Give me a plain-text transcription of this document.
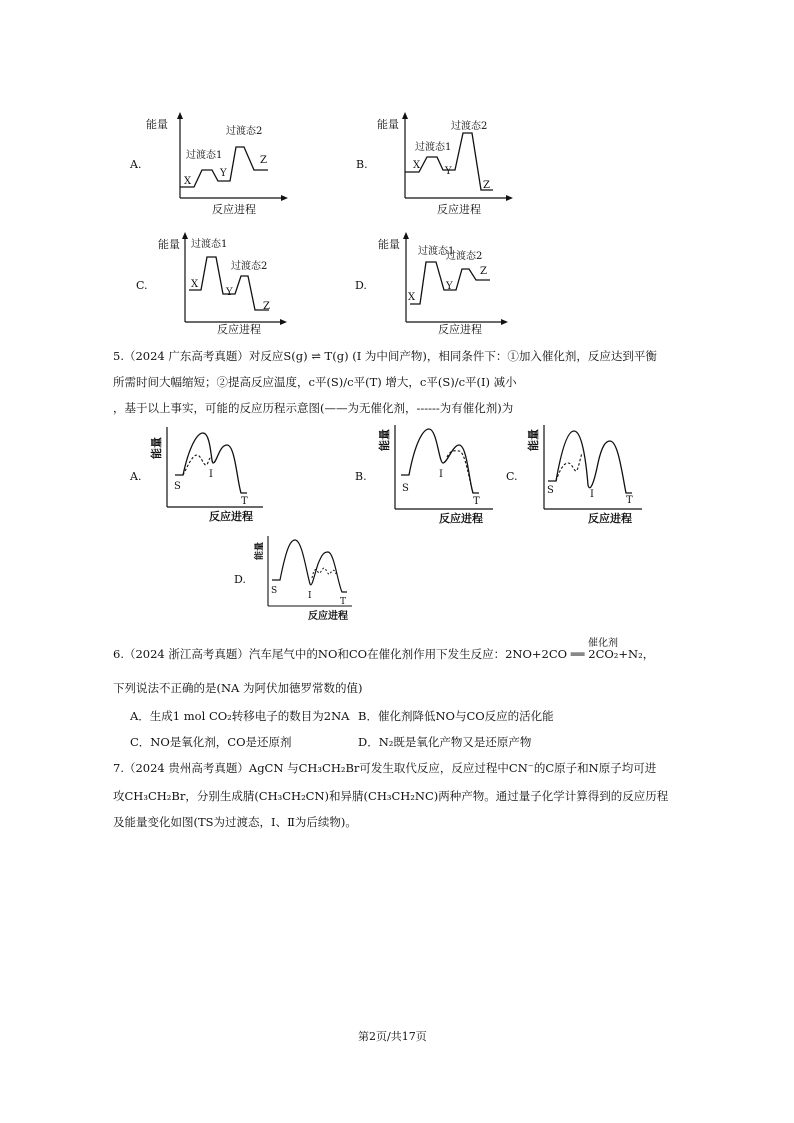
A.
能量
反应进程
过渡态1
过渡态2
X
Y
Z	B.
能量
反应进程
过渡态1
过渡态2
X
Y
Z
C.
能量
反应进程
过渡态1
过渡态2
X
Y
Z
D.
能量
反应进程
过渡态1
过渡态2
X
Y
Z
5.（2024 广东高考真题）对反应S(g) ⇌ T(g) (I 为中间产物)，相同条件下：①加入催化剂，反应达到平衡
所需时间大幅缩短；②提高反应温度，c平(S)/c平(T) 增大，c平(S)/c平(I) 减小
，基于以上事实，可能的反应历程示意图(——为无催化剂，------为有催化剂)为
A.
能量
反应进程
S
I
T
B.
能量
反应进程
S
I
T
C.
能量
反应进程
S	I
T
D.
能量
反应进程
S	I
T
催化剂
6.（2024 浙江高考真题）汽车尾气中的NO和CO在催化剂作用下发生反应：2NO+2CO ══ 2CO₂+N₂，
下列说法不正确的是(NA 为阿伏加德罗常数的值)
A．生成1 mol CO₂转移电子的数目为2NA B．催化剂降低NO与CO反应的活化能
C．NO是氧化剂，CO是还原剂	D．N₂既是氧化产物又是还原产物
7.（2024 贵州高考真题）AgCN 与CH₃CH₂Br可发生取代反应，反应过程中CN⁻的C原子和N原子均可进
攻CH₃CH₂Br，分别生成腈(CH₃CH₂CN)和异腈(CH₃CH₂NC)两种产物。通过量子化学计算得到的反应历程
及能量变化如图(TS为过渡态，Ⅰ、Ⅱ为后续物)。
第2页/共17页
